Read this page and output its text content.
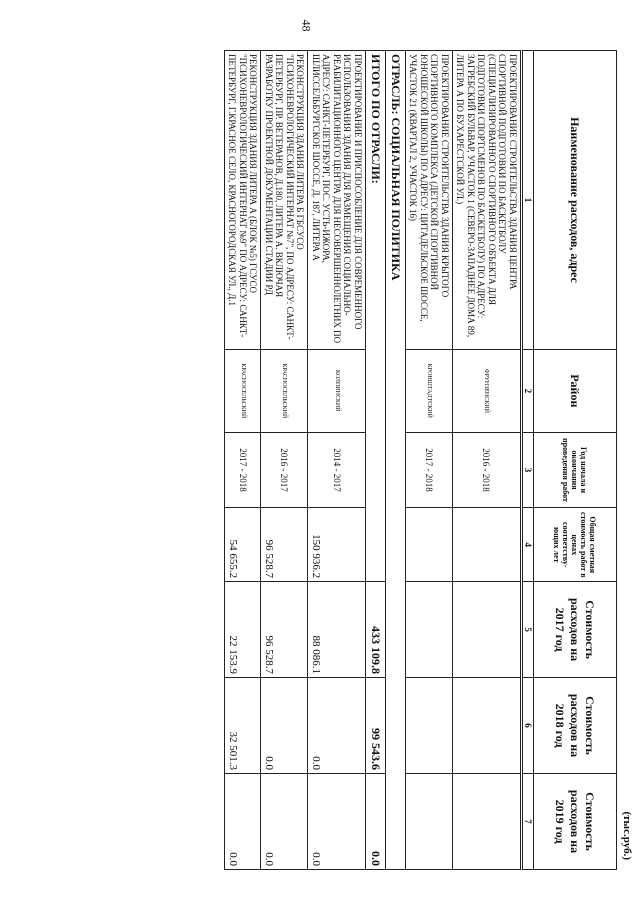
48
(тыс.руб.)
Наименование расходов, адрес	Район	Год начала и окончания проведения работ	Общая сметная стоимость работ в ценах соответству-ющих лет	Стоимость расходов на 2017 год	Стоимость расходов на 2018 год	Стоимость расходов на 2019 год
1	2	3	4	5	6	7
ПРОЕКТИРОВАНИЕ СТРОИТЕЛЬСТВА ЗДАНИЯ ЦЕНТРА СПОРТИВНОЙ ПОДГОТОВКИ ПО БАСКЕТБОЛУ (СПЕЦИАЛИЗИРОВАННОГО СПОРТИВНОГО ОБЪЕКТА ДЛЯ ПОДГОТОВКИ СПОРТСМЕНОВ ПО БАСКЕТБОЛУ) ПО АДРЕСУ: ЗАГРЕБСКИЙ БУЛЬВАР, УЧАСТОК 1 (СЕВЕРО-ЗАПАДНЕЕ ДОМА 89, ЛИТЕРА А ПО БУХАРЕСТСКОЙ УЛ.)	ФРУНЗЕНСКИЙ	2016 - 2018				
ПРОЕКТИРОВАНИЕ СТРОИТЕЛЬСТВА ЗДАНИЯ КРЫТОГО СПОРТИВНОГО КОМПЛЕКСА (ДЕТСКОЙ СПОРТИВНОЙ ЮНОШЕСКОЙ ШКОЛЫ) ПО АДРЕСУ: ЦИТАДЕЛЬСКОЕ ШОССЕ, УЧАСТОК 21 (КВАРТАЛ 2, УЧАСТОК 16)	КРОНШТАДТСКИЙ	2017 - 2018				
ОТРАСЛЬ: СОЦИАЛЬНАЯ ПОЛИТИКА						
ИТОГО ПО ОТРАСЛИ:				433 109.8	99 543.6	0.0
ПРОЕКТИРОВАНИЕ И ПРИСПОСОБЛЕНИЕ ДЛЯ СОВРЕМЕННОГО ИСПОЛЬЗОВАНИЯ ЗДАНИЯ ДЛЯ РАЗМЕЩЕНИЯ СОЦИАЛЬНО-РЕАБИЛИТАЦИОННОГО ЦЕНТРА ДЛЯ НЕСОВЕРШЕННОЛЕТНИХ ПО АДРЕСУ: САНКТ-ПЕТЕРБУРГ, ПОС. УСТЬ-ИЖОРА, ШЛИССЕЛЬБУРГСКОЕ ШОССЕ, Д. 187, ЛИТЕРА А	КОЛПИНСКИЙ	2014 - 2017	150 936.2	88 086.1	0.0	0.0
РЕКОНСТРУКЦИЯ ЗДАНИЯ ЛИТЕРА Б ГБСУСО "ПСИХОНЕВРОЛОГИЧЕСКИЙ ИНТЕРНАТ №7", ПО АДРЕСУ: САНКТ-ПЕТЕРБУРГ, ПР. ВЕТЕРАНОВ, Д.180, ЛИТЕРА А. ВКЛЮЧАЯ РАЗРАБОТКУ ПРОЕКТНОЙ ДОКУМЕНТАЦИИ СТАДИИ РД	КРАСНОСЕЛЬСКИЙ	2016 - 2017	96 528.7	96 528.7	0.0	0.0
РЕКОНСТРУКЦИЯ ЗДАНИЯ ЛИТЕРА А (БЛОК №5) ГСУСО "ПСИХОНЕВРОЛОГИЧЕСКИЙ ИНТЕРНАТ №9" ПО АДРЕСУ: САНКТ-ПЕТЕРБУРГ, Г.КРАСНОЕ СЕЛО, КРАСНОГОРОДСКАЯ УЛ., Д.1	КРАСНОСЕЛЬСКИЙ	2017 - 2018	54 655.2	22 153.9	32 501.3	0.0
